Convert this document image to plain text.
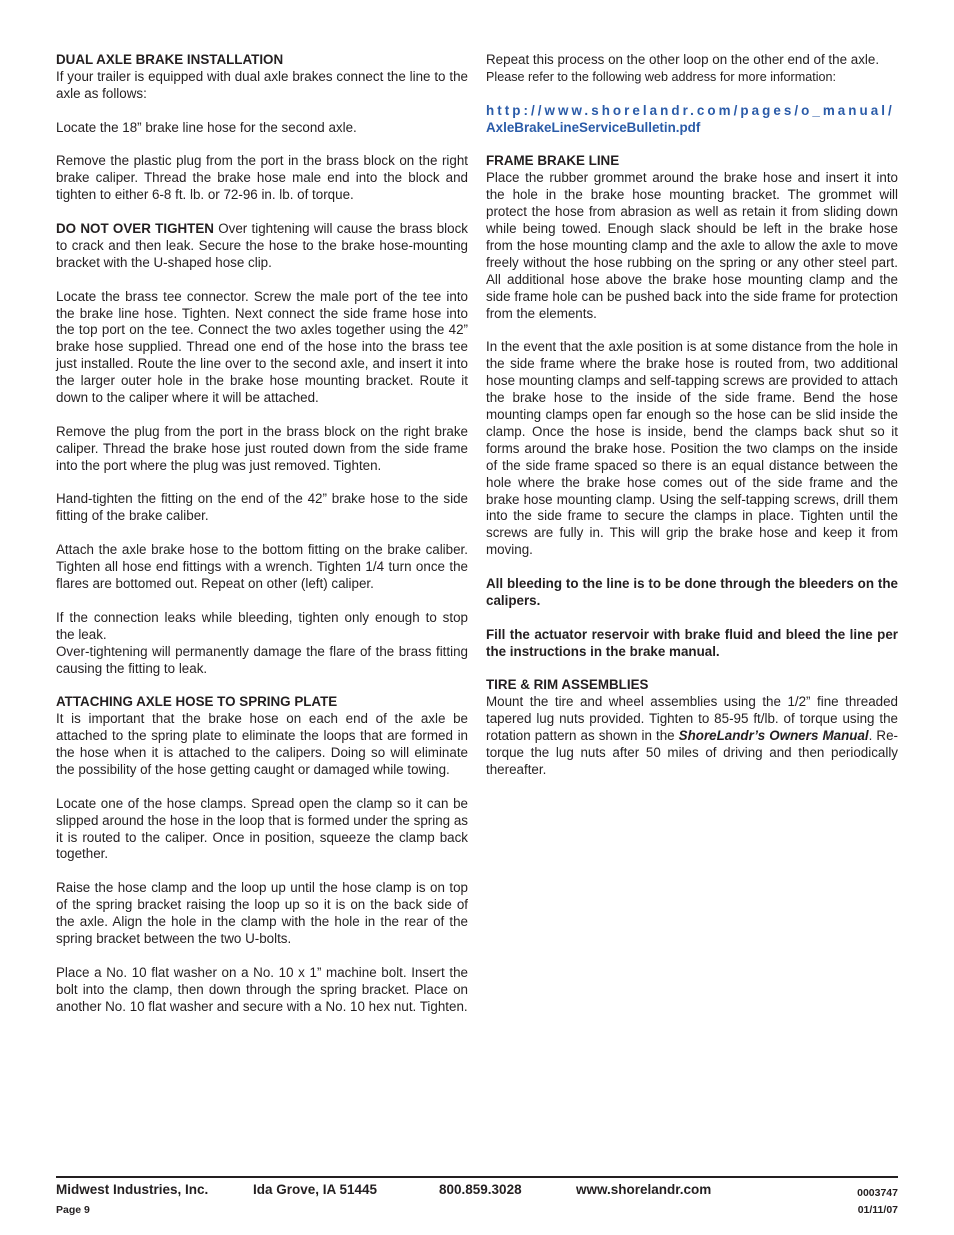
DUAL AXLE BRAKE INSTALLATION

If your trailer is equipped with dual axle brakes connect the line to the axle as follows:

Locate the 18” brake line hose for the second axle.
Remove the plastic plug from the port in the brass block on the right brake caliper. Thread the brake hose male end into the block and tighten to either 6-8 ft. lb. or 72-96 in. lb. of torque.
DO NOT OVER TIGHTEN Over tightening will cause the brass block to crack and then leak. Secure the hose to the brake hose-mounting bracket with the U-shaped hose clip.
Locate the brass tee connector. Screw the male port of the tee into the brake line hose. Tighten. Next connect the side frame hose into the top port on the tee. Connect the two axles together using the 42” brake hose supplied. Thread one end of the hose into the brass tee just installed. Route the line over to the second axle, and insert it into the larger outer hole in the brake hose mounting bracket. Route it down to the caliper where it will be attached.
Remove the plug from the port in the brass block on the right brake caliper. Thread the brake hose just routed down from the side frame into the port where the plug was just removed. Tighten.
Hand-tighten the fitting on the end of the 42” brake hose to the side fitting of the brake caliber.
Attach the axle brake hose to the bottom fitting on the brake caliber. Tighten all hose end fittings with a wrench. Tighten 1/4 turn once the flares are bottomed out. Repeat on other (left) caliper.

If the connection leaks while bleeding, tighten only enough to stop the leak.

Over-tightening will permanently damage the flare of the brass fitting causing the fitting to leak.

ATTACHING AXLE HOSE TO SPRING PLATE

It is important that the brake hose on each end of the axle be attached to the spring plate to eliminate the loops that are formed in the hose when it is attached to the calipers. Doing so will eliminate the possibility of the hose getting caught or damaged while towing.

Locate one of the hose clamps. Spread open the clamp so it can be slipped around the hose in the loop that is formed under the spring as it is routed to the caliper. Once in position, squeeze the clamp back together.
Raise the hose clamp and the loop up until the hose clamp is on top of the spring bracket raising the loop up so it is on the back side of the axle. Align the hole in the clamp with the hole in the rear of the spring bracket between the two U-bolts.
Place a No. 10 flat washer on a No. 10 x 1” machine bolt. Insert the bolt into the clamp, then down through the spring bracket. Place on another No. 10 flat washer and secure with a No. 10 hex nut. Tighten.

Repeat this process on the other loop on the other end of the axle.

Please refer to the following web address for more information:

http://www.shorelandr.com/pages/o_manual/
AxleBrakeLineServiceBulletin.pdf
FRAME BRAKE LINE

Place the rubber grommet around the brake hose and insert it into the hole in the brake hose mounting bracket. The grommet will protect the hose from abrasion as well as retain it from sliding down while being towed. Enough slack should be left in the brake hose from the hose mounting clamp and the axle to allow the axle to move freely without the hose rubbing on the spring or any other steel part. All additional hose above the brake hose mounting clamp and the side frame hole can be pushed back into the side frame for protection from the elements.

In the event that the axle position is at some distance from the hole in the side frame where the brake hose is routed from, two additional hose mounting clamps and self-tapping screws are provided to attach the brake hose to the inside of the side frame. Bend the hose mounting clamps open far enough so the hose can be slid inside the clamp. Once the hose is inside, bend the clamps back shut so it forms around the brake hose. Position the two clamps on the inside of the side frame spaced so there is an equal distance between the hole where the brake hose comes out of the side frame and the brake hose mounting clamp. Using the self-tapping screws, drill them into the side frame to secure the clamps in place. Tighten until the screws are fully in. This will grip the brake hose and keep it from moving.
All bleeding to the line is to be done through the bleeders on the calipers.
Fill the actuator reservoir with brake fluid and bleed the line per the instructions in the brake manual.
TIRE & RIM ASSEMBLIES

Mount the tire and wheel assemblies using the 1/2” fine threaded tapered lug nuts provided. Tighten to 85-95 ft/lb. of torque using the rotation pattern as shown in the ShoreLandr’s Owners Manual. Re-torque the lug nuts after 50 miles of driving and then periodically thereafter.

Midwest Industries, Inc.	Ida Grove, IA 51445	800.859.3028	www.shorelandr.com	0003747
Page 9	01/11/07
